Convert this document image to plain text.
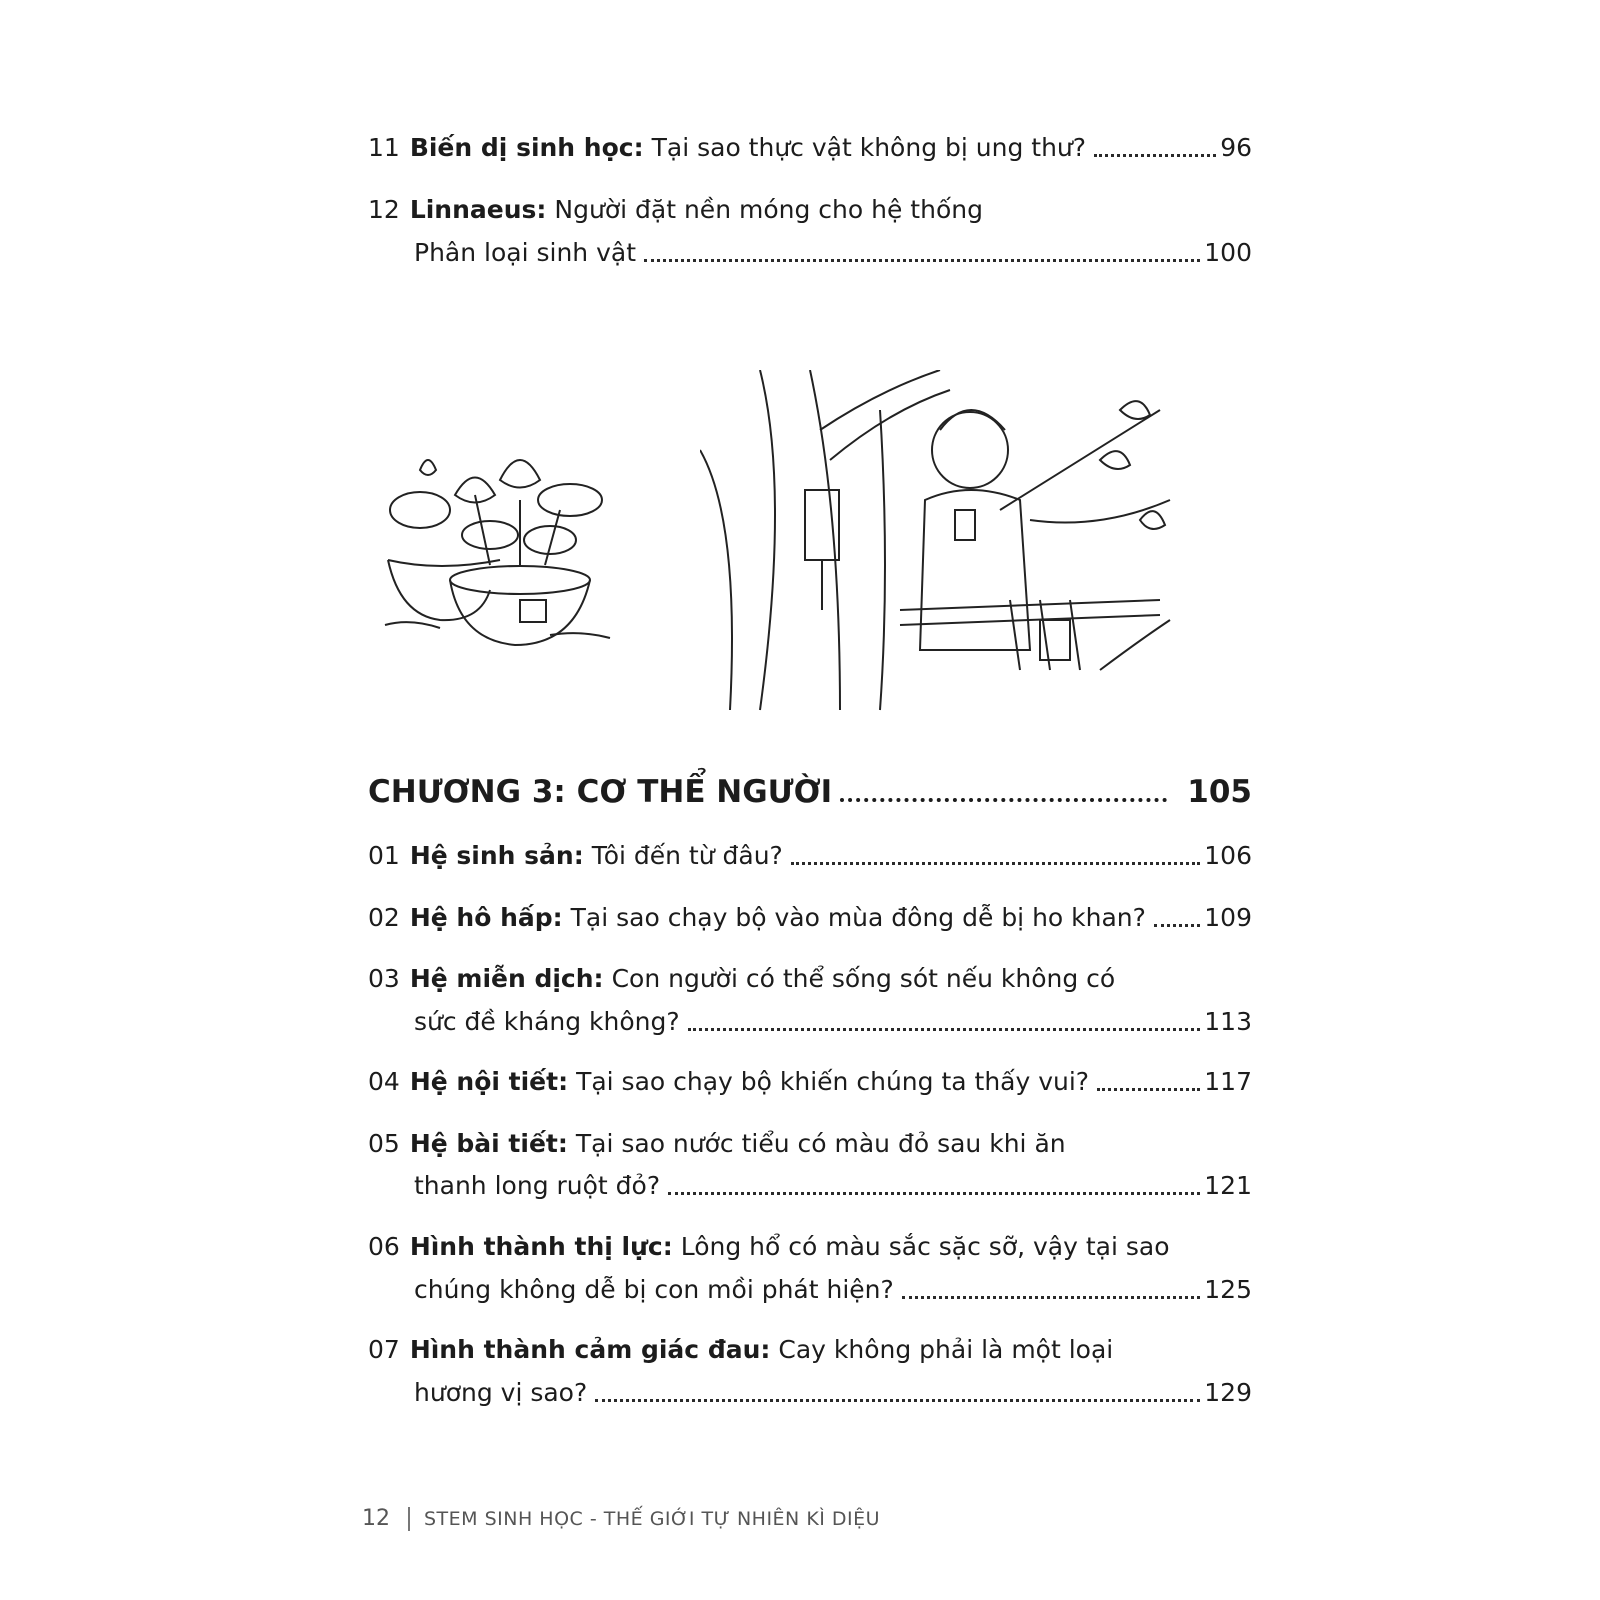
11 Biến dị sinh học: Tại sao thực vật không bị ung thư?	96
12 Linnaeus: Người đặt nền móng cho hệ thống
Phân loại sinh vật	100
CHƯƠNG 3: CƠ THỂ NGƯỜI	105
01 Hệ sinh sản: Tôi đến từ đâu?	106
02 Hệ hô hấp: Tại sao chạy bộ vào mùa đông dễ bị ho khan? 109
03 Hệ miễn dịch: Con người có thể sống sót nếu không có
sức đề kháng không?	113
04 Hệ nội tiết: Tại sao chạy bộ khiến chúng ta thấy vui?	117
05 Hệ bài tiết: Tại sao nước tiểu có màu đỏ sau khi ăn
thanh long ruột đỏ?	121
06 Hình thành thị lực: Lông hổ có màu sắc sặc sỡ, vậy tại sao
chúng không dễ bị con mồi phát hiện?	125
07 Hình thành cảm giác đau: Cay không phải là một loại
hương vị sao?	129
12 STEM SINH HỌC - THẾ GIỚI TỰ NHIÊN KÌ DIỆU
